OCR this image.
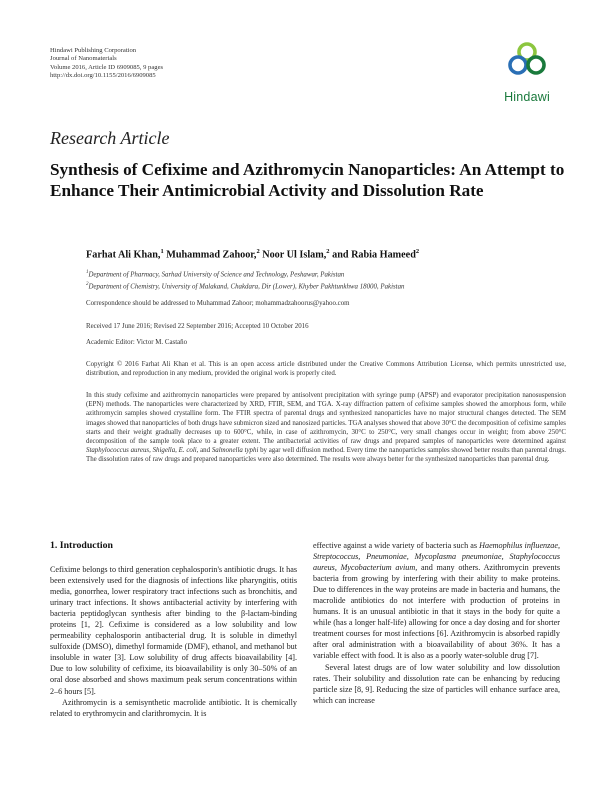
Hindawi Publishing Corporation
Journal of Nanomaterials
Volume 2016, Article ID 6909085, 9 pages
http://dx.doi.org/10.1155/2016/6909085
Hindawi
Research Article
Synthesis of Cefixime and Azithromycin Nanoparticles: An Attempt to Enhance Their Antimicrobial Activity and Dissolution Rate
Farhat Ali Khan,$^1$ Muhammad Zahoor,$^2$ Noor Ul Islam,$^2$ and Rabia Hameed$^2$
$^1$Department of Pharmacy, Sarhad University of Science and Technology, Peshawar, Pakistan
$^2$Department of Chemistry, University of Malakand, Chakdara, Dir (Lower), Khyber Pakhtunkhwa 18000, Pakistan
Correspondence should be addressed to Muhammad Zahoor; mohammadzahoorus@yahoo.com
Received 17 June 2016; Revised 22 September 2016; Accepted 10 October 2016
Academic Editor: Victor M. Castaño
Copyright © 2016 Farhat Ali Khan et al. This is an open access article distributed under the Creative Commons Attribution License, which permits unrestricted use, distribution, and reproduction in any medium, provided the original work is properly cited.
In this study cefixime and azithromycin nanoparticles were prepared by antisolvent precipitation with syringe pump (APSP) and evaporator precipitation nanosuspension (EPN) methods. The nanoparticles were characterized by XRD, FTIR, SEM, and TGA. X-ray diffraction pattern of cefixime samples showed the amorphous form, while azithromycin samples showed crystalline form. The FTIR spectra of parental drugs and synthesized nanoparticles have no major structural changes detected. The SEM images showed that nanoparticles of both drugs have submicron sized and nanosized particles. TGA analyses showed that above 30°C the decomposition of cefixime samples starts and their weight gradually decreases up to 600°C, while, in case of azithromycin, 30°C to 250°C, very small changes occur in weight; from above 250°C decomposition of the sample took place to a greater extent. The antibacterial activities of raw drugs and prepared samples of nanoparticles were determined against Staphylococcus aureus, Shigella, E. coli, and Salmonella typhi by agar well diffusion method. Every time the nanoparticles samples showed better results than parental drugs. The dissolution rates of raw drugs and prepared nanoparticles were also determined. The results were always better for the synthesized nanoparticles than parental drug.
1. Introduction

Cefixime belongs to third generation cephalosporin's antibiotic drugs. It has been extensively used for the diagnosis of infections like pharyngitis, otitis media, gonorrhea, lower respiratory tract infections such as bronchitis, and urinary tract infections. It shows antibacterial activity by interfering with bacteria peptidoglycan synthesis after binding to the β-lactam-binding proteins [1, 2]. Cefixime is considered as a low solubility and low permeability cephalosporin antibacterial drug. It is soluble in dimethyl sulfoxide (DMSO), dimethyl formamide (DMF), ethanol, and methanol but insoluble in water [3]. Low solubility of drug affects bioavailability [4]. Due to low solubility of cefixime, its bioavailability is only 30–50% of an oral dose absorbed and shows maximum peak serum concentrations within 2–6 hours [5].

Azithromycin is a semisynthetic macrolide antibiotic. It is chemically related to erythromycin and clarithromycin. It is

effective against a wide variety of bacteria such as Haemophilus influenzae, Streptococcus, Pneumoniae, Mycoplasma pneumoniae, Staphylococcus aureus, Mycobacterium avium, and many others. Azithromycin prevents bacteria from growing by interfering with their ability to make proteins. Due to differences in the way proteins are made in bacteria and humans, the macrolide antibiotics do not interfere with production of proteins in humans. It is an unusual antibiotic in that it stays in the body for quite a while (has a longer half-life) allowing for once a day dosing and for shorter treatment courses for most infections [6]. Azithromycin is absorbed rapidly after oral administration with a bioavailability of about 36%. It has a variable effect with food. It is also as a poorly water-soluble drug [7].

Several latest drugs are of low water solubility and low dissolution rates. Their solubility and dissolution rate can be enhancing by reducing particle size [8, 9]. Reducing the size of particles will enhance surface area, which can increase
